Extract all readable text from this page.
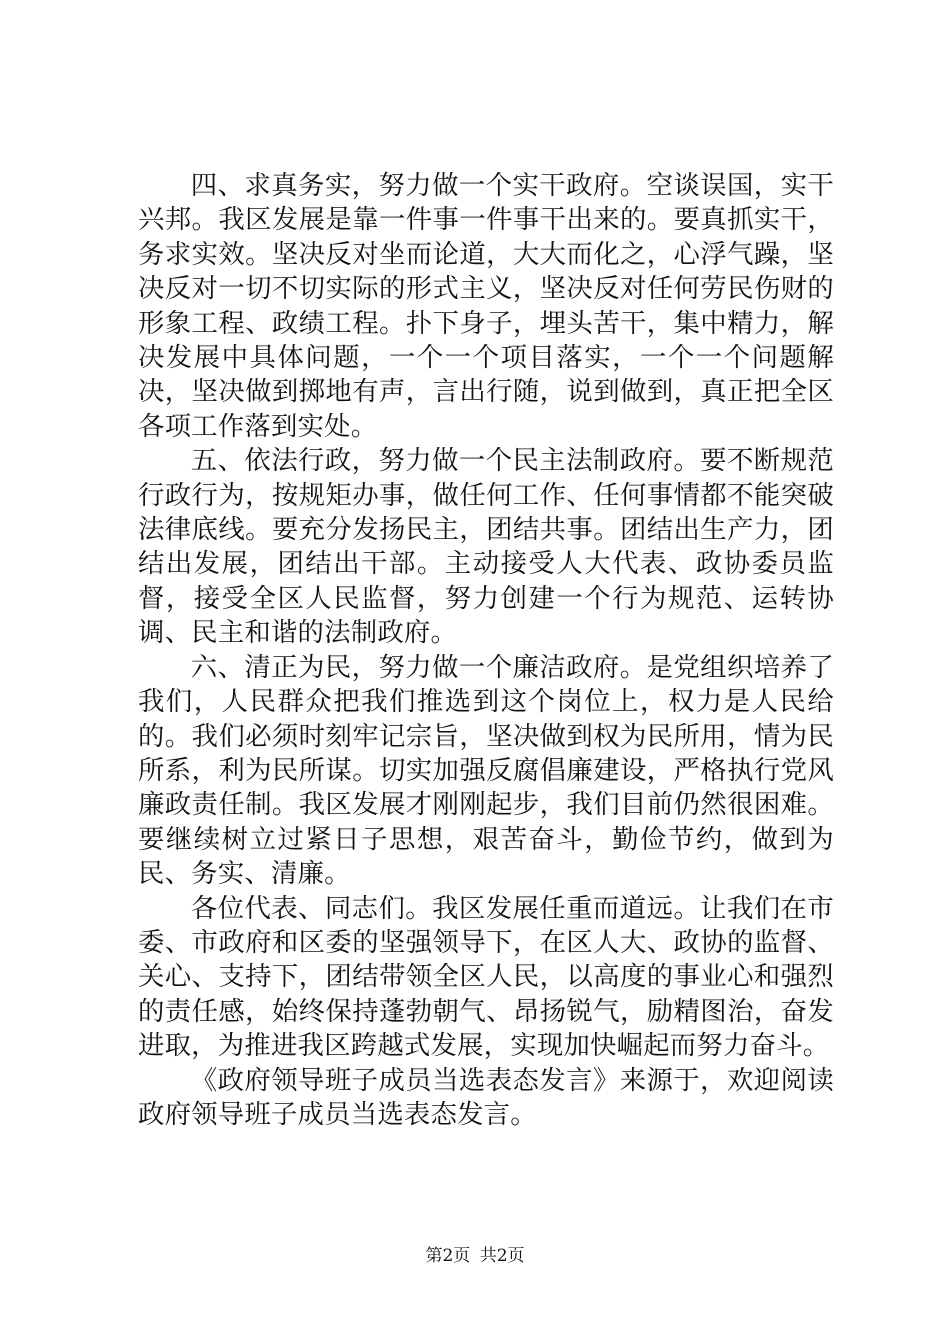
四、求真务实，努力做一个实干政府。空谈误国，实干兴邦。我区发展是靠一件事一件事干出来的。要真抓实干，务求实效。坚决反对坐而论道，大大而化之，心浮气躁，坚决反对一切不切实际的形式主义，坚决反对任何劳民伤财的形象工程、政绩工程。扑下身子，埋头苦干，集中精力，解决发展中具体问题，一个一个项目落实，一个一个问题解决，坚决做到掷地有声，言出行随，说到做到，真正把全区各项工作落到实处。

五、依法行政，努力做一个民主法制政府。要不断规范行政行为，按规矩办事，做任何工作、任何事情都不能突破法律底线。要充分发扬民主，团结共事。团结出生产力，团结出发展，团结出干部。主动接受人大代表、政协委员监督，接受全区人民监督，努力创建一个行为规范、运转协调、民主和谐的法制政府。

六、清正为民，努力做一个廉洁政府。是党组织培养了我们，人民群众把我们推选到这个岗位上，权力是人民给的。我们必须时刻牢记宗旨，坚决做到权为民所用，情为民所系，利为民所谋。切实加强反腐倡廉建设，严格执行党风廉政责任制。我区发展才刚刚起步，我们目前仍然很困难。要继续树立过紧日子思想，艰苦奋斗，勤俭节约，做到为民、务实、清廉。

各位代表、同志们。我区发展任重而道远。让我们在市委、市政府和区委的坚强领导下，在区人大、政协的监督、关心、支持下，团结带领全区人民，以高度的事业心和强烈的责任感，始终保持蓬勃朝气、昂扬锐气，励精图治，奋发进取，为推进我区跨越式发展，实现加快崛起而努力奋斗。

《政府领导班子成员当选表态发言》来源于，欢迎阅读政府领导班子成员当选表态发言。

第2页 共2页
